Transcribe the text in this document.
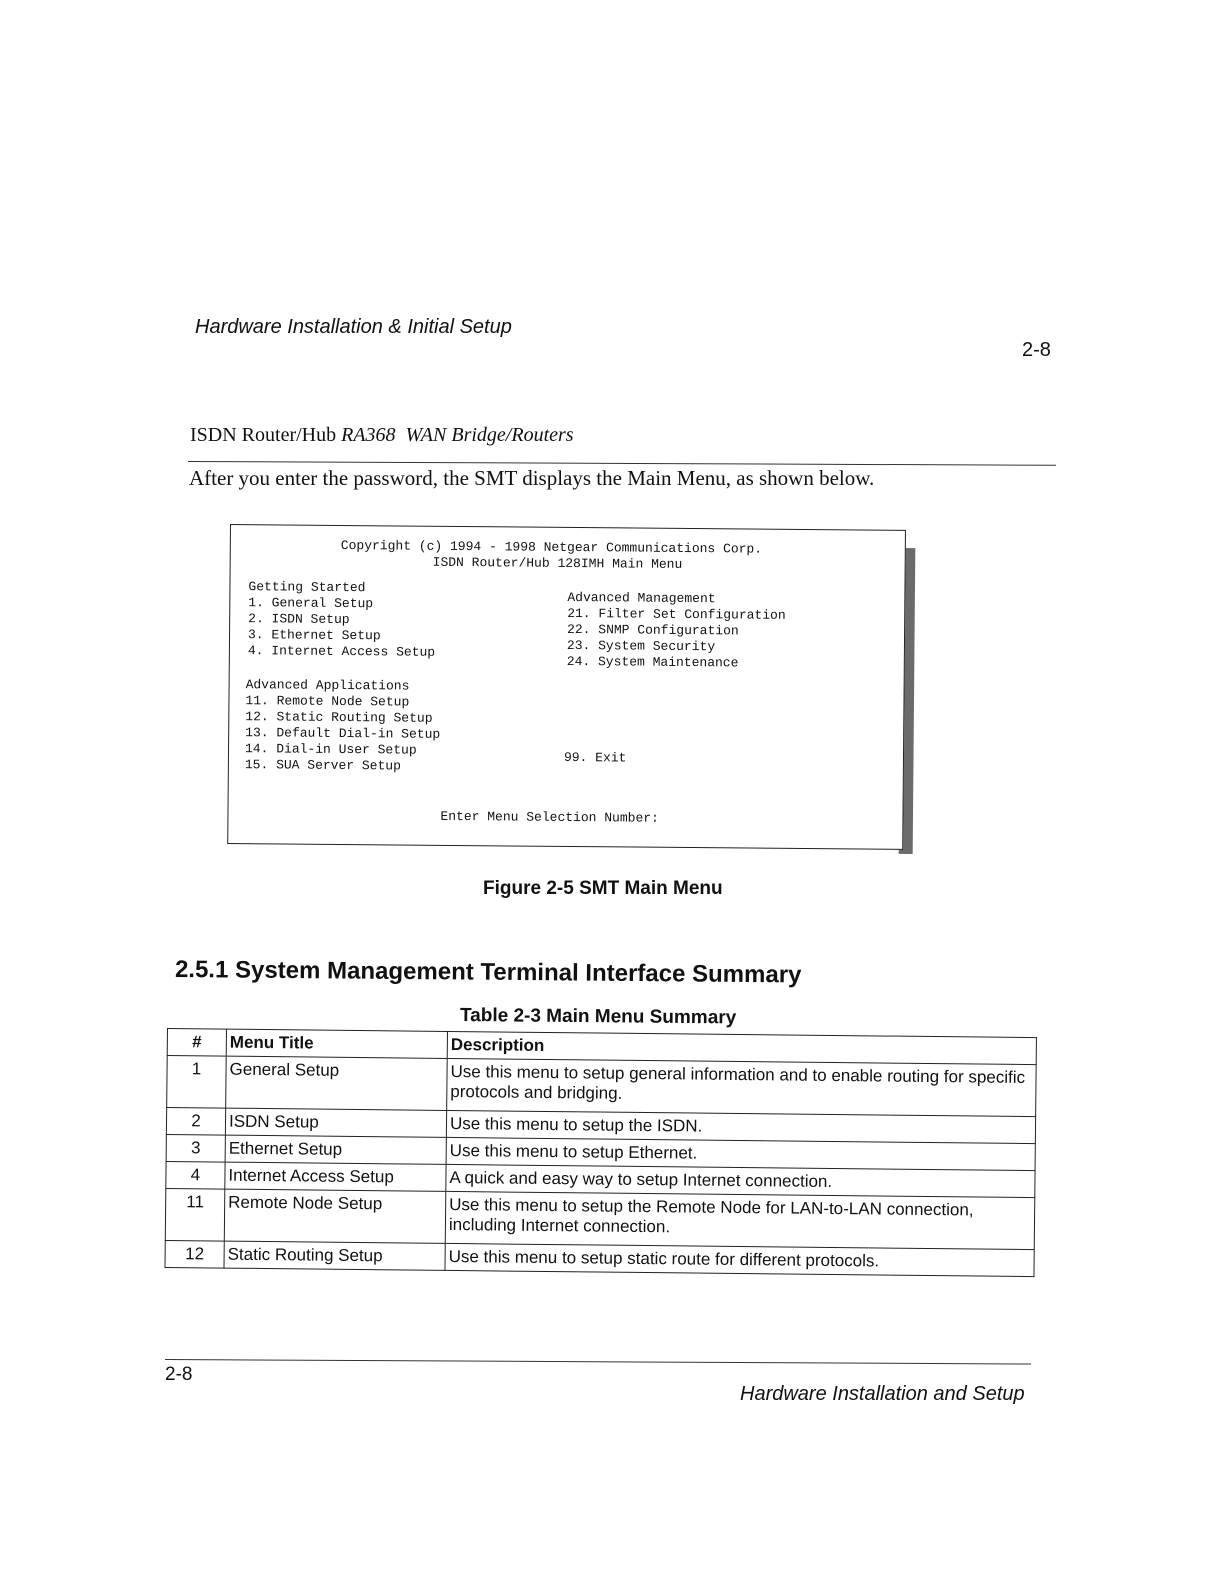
Hardware Installation & Initial Setup
2-8
ISDN Router/Hub RA368 WAN Bridge/Routers
After you enter the password, the SMT displays the Main Menu, as shown below.
Copyright (c) 1994 - 1998 Netgear Communications Corp.
ISDN Router/Hub 128IMH Main Menu
Getting Started
1. General Setup
2. ISDN Setup
3. Ethernet Setup
4. Internet Access Setup
Advanced Management
21. Filter Set Configuration
22. SNMP Configuration
23. System Security
24. System Maintenance
Advanced Applications
11. Remote Node Setup
12. Static Routing Setup
13. Default Dial-in Setup
14. Dial-in User Setup
15. SUA Server Setup	99. Exit
Enter Menu Selection Number:
Figure 2-5 SMT Main Menu
2.5.1 System Management Terminal Interface Summary
Table 2-3 Main Menu Summary
#	Menu Title	Description
1	General Setup	Use this menu to setup general information and to enable routing for specific protocols and bridging.
2	ISDN Setup	Use this menu to setup the ISDN.
3	Ethernet Setup	Use this menu to setup Ethernet.
4	Internet Access Setup	A quick and easy way to setup Internet connection.
11	Remote Node Setup	Use this menu to setup the Remote Node for LAN-to-LAN connection, including Internet connection.
12	Static Routing Setup	Use this menu to setup static route for different protocols.
2-8
Hardware Installation and Setup
